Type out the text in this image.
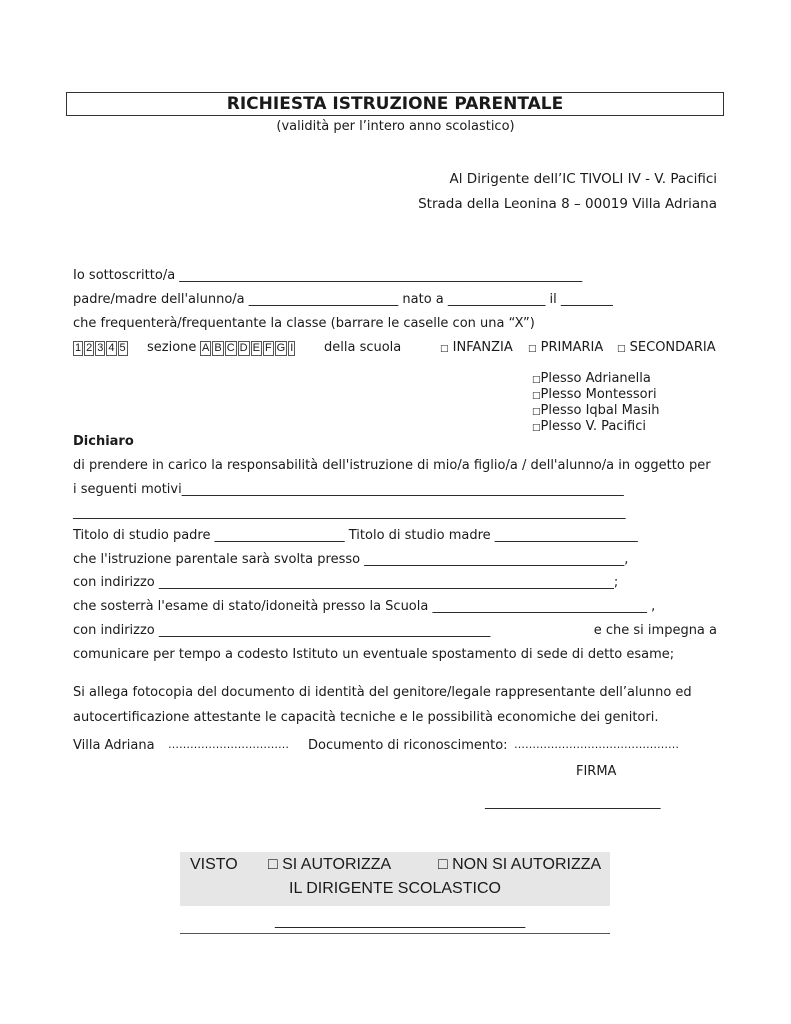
RICHIESTA ISTRUZIONE PARENTALE
(validità per l’intero anno scolastico)
Al Dirigente dell’IC TIVOLI IV - V. Pacifici
Strada della Leonina 8 – 00019 Villa Adriana
Io sottoscritto/a ______________________________________________________________
padre/madre dell'alunno/a _______________________ nato a _______________ il ________
che frequenterà/frequentante la classe (barrare le caselle con una “X”)
1 2 3 4 5 sezione A B C D E F G I della scuola	□ INFANZIA □ PRIMARIA □ SECONDARIA
□Plesso Adrianella
□Plesso Montessori
□Plesso Iqbal Masih
□Plesso V. Pacifici
Dichiaro
di prendere in carico la responsabilità dell'istruzione di mio/a figlio/a / dell'alunno/a in oggetto per
i seguenti motivi____________________________________________________________________
_____________________________________________________________________________________
Titolo di studio padre ____________________ Titolo di studio madre ______________________
che l'istruzione parentale sarà svolta presso ________________________________________,
con indirizzo ______________________________________________________________________;
che sosterrà l'esame di stato/idoneità presso la Scuola _________________________________ ,
con indirizzo ___________________________________________________	e che si impegna a
comunicare per tempo a codesto Istituto un eventuale spostamento di sede di detto esame;
Si allega fotocopia del documento di identità del genitore/legale rappresentante dell’alunno ed
autocertificazione attestante le capacità tecniche e le possibilità economiche dei genitori.
Villa Adriana …………………………… Documento di riconoscimento: ………………………………………
FIRMA
___________________________
VISTO □ SI AUTORIZZA	□ NON SI AUTORIZZA
IL DIRIGENTE SCOLASTICO
______________________________
